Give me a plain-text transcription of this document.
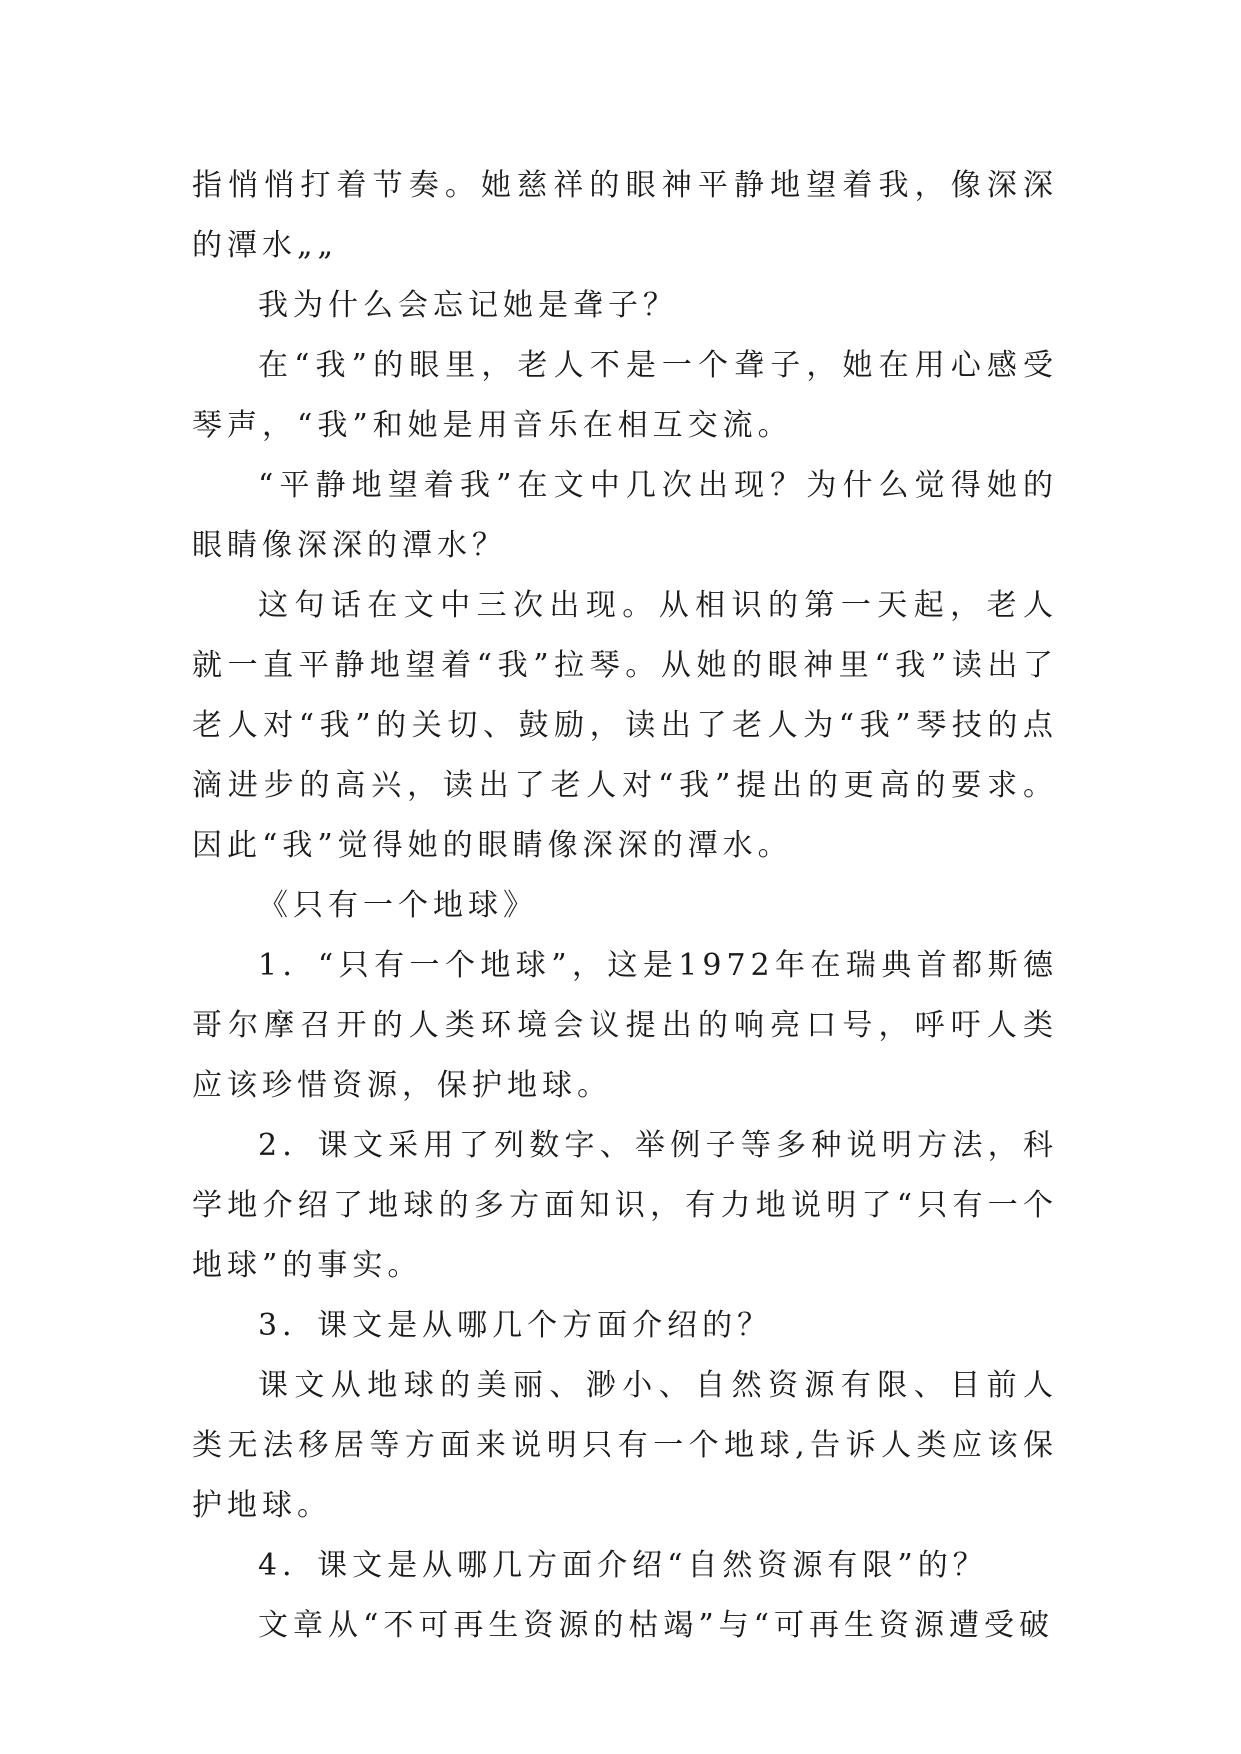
指悄悄打着节奏。她慈祥的眼神平静地望着我，像深深的潭水„„

我为什么会忘记她是聋子？

在“我”的眼里，老人不是一个聋子，她在用心感受琴声，“我”和她是用音乐在相互交流。

“平静地望着我”在文中几次出现？为什么觉得她的眼睛像深深的潭水？

这句话在文中三次出现。从相识的第一天起，老人就一直平静地望着“我”拉琴。从她的眼神里“我”读出了老人对“我”的关切、鼓励，读出了老人为“我”琴技的点滴进步的高兴，读出了老人对“我”提出的更高的要求。因此“我”觉得她的眼睛像深深的潭水。

《只有一个地球》

1．“只有一个地球”，这是1972年在瑞典首都斯德哥尔摩召开的人类环境会议提出的响亮口号，呼吁人类应该珍惜资源，保护地球。

2．课文采用了列数字、举例子等多种说明方法，科学地介绍了地球的多方面知识，有力地说明了“只有一个地球”的事实。

3．课文是从哪几个方面介绍的？

课文从地球的美丽、渺小、自然资源有限、目前人类无法移居等方面来说明只有一个地球,告诉人类应该保护地球。

4．课文是从哪几方面介绍“自然资源有限”的？

文章从“不可再生资源的枯竭”与“可再生资源遭受破
